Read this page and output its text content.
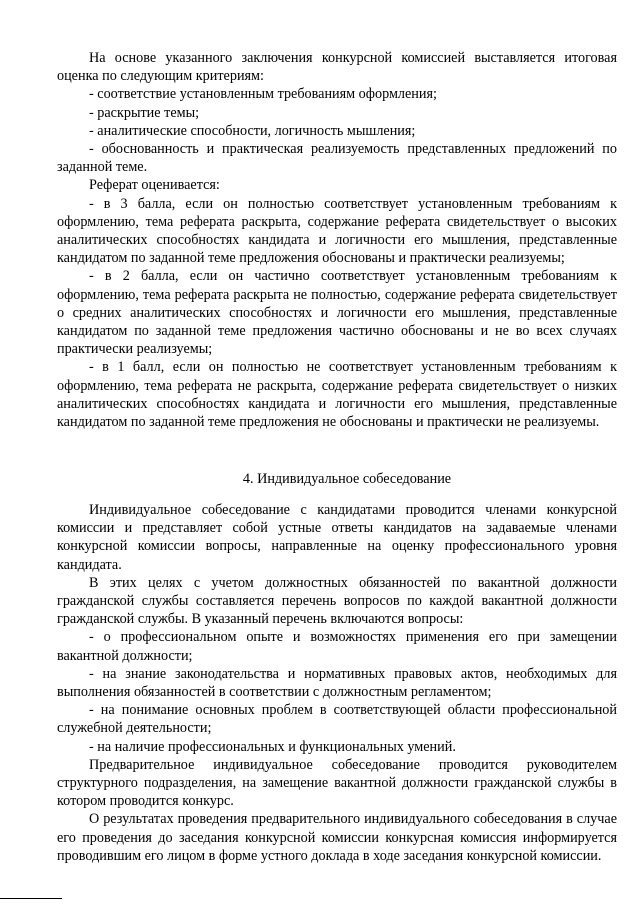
На основе указанного заключения конкурсной комиссией выставляется итоговая оценка по следующим критериям:

- соответствие установленным требованиям оформления;

- раскрытие темы;

- аналитические способности, логичность мышления;

- обоснованность и практическая реализуемость представленных предложений по заданной теме.

Реферат оценивается:

- в 3 балла, если он полностью соответствует установленным требованиям к оформлению, тема реферата раскрыта, содержание реферата свидетельствует о высоких аналитических способностях кандидата и логичности его мышления, представленные кандидатом по заданной теме предложения обоснованы и практически реализуемы;

- в 2 балла, если он частично соответствует установленным требованиям к оформлению, тема реферата раскрыта не полностью, содержание реферата свидетельствует о средних аналитических способностях и логичности его мышления, представленные кандидатом по заданной теме предложения частично обоснованы и не во всех случаях практически реализуемы;

- в 1 балл, если он полностью не соответствует установленным требованиям к оформлению, тема реферата не раскрыта, содержание реферата свидетельствует о низких аналитических способностях кандидата и логичности его мышления, представленные кандидатом по заданной теме предложения не обоснованы и практически не реализуемы.

4. Индивидуальное собеседование

Индивидуальное собеседование с кандидатами проводится членами конкурсной комиссии и представляет собой устные ответы кандидатов на задаваемые членами конкурсной комиссии вопросы, направленные на оценку профессионального уровня кандидата.

В этих целях с учетом должностных обязанностей по вакантной должности гражданской службы составляется перечень вопросов по каждой вакантной должности гражданской службы. В указанный перечень включаются вопросы:

- о профессиональном опыте и возможностях применения его при замещении вакантной должности;

- на знание законодательства и нормативных правовых актов, необходимых для выполнения обязанностей в соответствии с должностным регламентом;

- на понимание основных проблем в соответствующей области профессиональной служебной деятельности;

- на наличие профессиональных и функциональных умений.

Предварительное индивидуальное собеседование проводится руководителем структурного подразделения, на замещение вакантной должности гражданской службы в котором проводится конкурс.

О результатах проведения предварительного индивидуального собеседования в случае его проведения до заседания конкурсной комиссии конкурсная комиссия информируется проводившим его лицом в форме устного доклада в ходе заседания конкурсной комиссии.
